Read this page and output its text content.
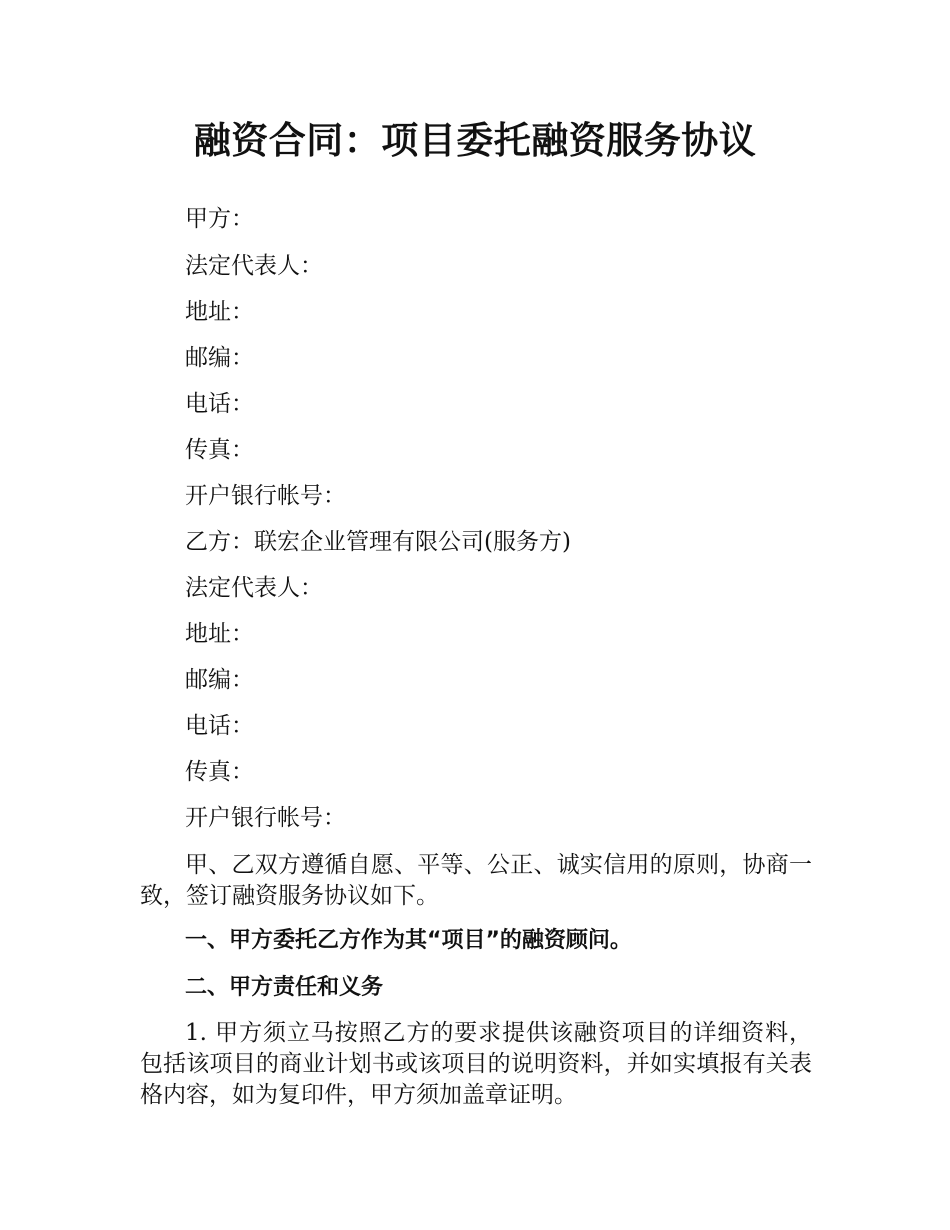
融资合同：项目委托融资服务协议

甲方：

法定代表人：

地址：

邮编：

电话：

传真：

开户银行帐号：

乙方：联宏企业管理有限公司(服务方)

法定代表人：

地址：

邮编：

电话：

传真：

开户银行帐号：

甲、乙双方遵循自愿、平等、公正、诚实信用的原则，协商一致，签订融资服务协议如下。

一、甲方委托乙方作为其“项目”的融资顾问。

二、甲方责任和义务

1. 甲方须立马按照乙方的要求提供该融资项目的详细资料，包括该项目的商业计划书或该项目的说明资料，并如实填报有关表格内容，如为复印件，甲方须加盖章证明。
